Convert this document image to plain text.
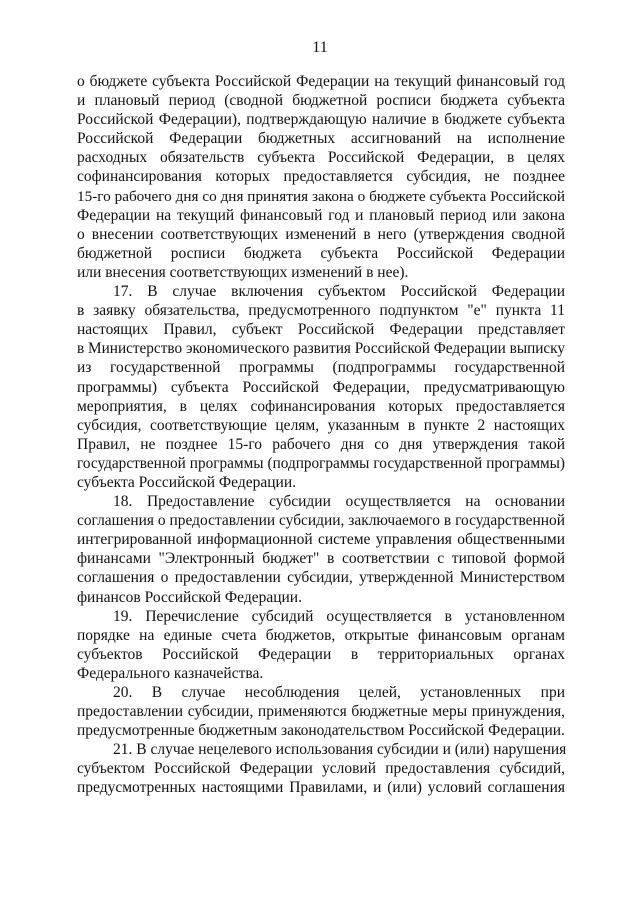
11
о бюджете субъекта Российской Федерации на текущий финансовый год
и плановый период (сводной бюджетной росписи бюджета субъекта
Российской Федерации), подтверждающую наличие в бюджете субъекта
Российской Федерации бюджетных ассигнований на исполнение
расходных обязательств субъекта Российской Федерации, в целях
софинансирования которых предоставляется субсидия, не позднее
15-го рабочего дня со дня принятия закона о бюджете субъекта Российской
Федерации на текущий финансовый год и плановый период или закона
о внесении соответствующих изменений в него (утверждения сводной
бюджетной росписи бюджета субъекта Российской Федерации
или внесения соответствующих изменений в нее).
17. В случае включения субъектом Российской Федерации
в заявку обязательства, предусмотренного подпунктом "е" пункта 11
настоящих Правил, субъект Российской Федерации представляет
в Министерство экономического развития Российской Федерации выписку
из государственной программы (подпрограммы государственной
программы) субъекта Российской Федерации, предусматривающую
мероприятия, в целях софинансирования которых предоставляется
субсидия, соответствующие целям, указанным в пункте 2 настоящих
Правил, не позднее 15-го рабочего дня со дня утверждения такой
государственной программы (подпрограммы государственной программы)
субъекта Российской Федерации.
18. Предоставление субсидии осуществляется на основании
соглашения о предоставлении субсидии, заключаемого в государственной
интегрированной информационной системе управления общественными
финансами "Электронный бюджет" в соответствии с типовой формой
соглашения о предоставлении субсидии, утвержденной Министерством
финансов Российской Федерации.
19. Перечисление субсидий осуществляется в установленном
порядке на единые счета бюджетов, открытые финансовым органам
субъектов Российской Федерации в территориальных органах
Федерального казначейства.
20. В случае несоблюдения целей, установленных при
предоставлении субсидии, применяются бюджетные меры принуждения,
предусмотренные бюджетным законодательством Российской Федерации.
21. В случае нецелевого использования субсидии и (или) нарушения
субъектом Российской Федерации условий предоставления субсидий,
предусмотренных настоящими Правилами, и (или) условий соглашения
